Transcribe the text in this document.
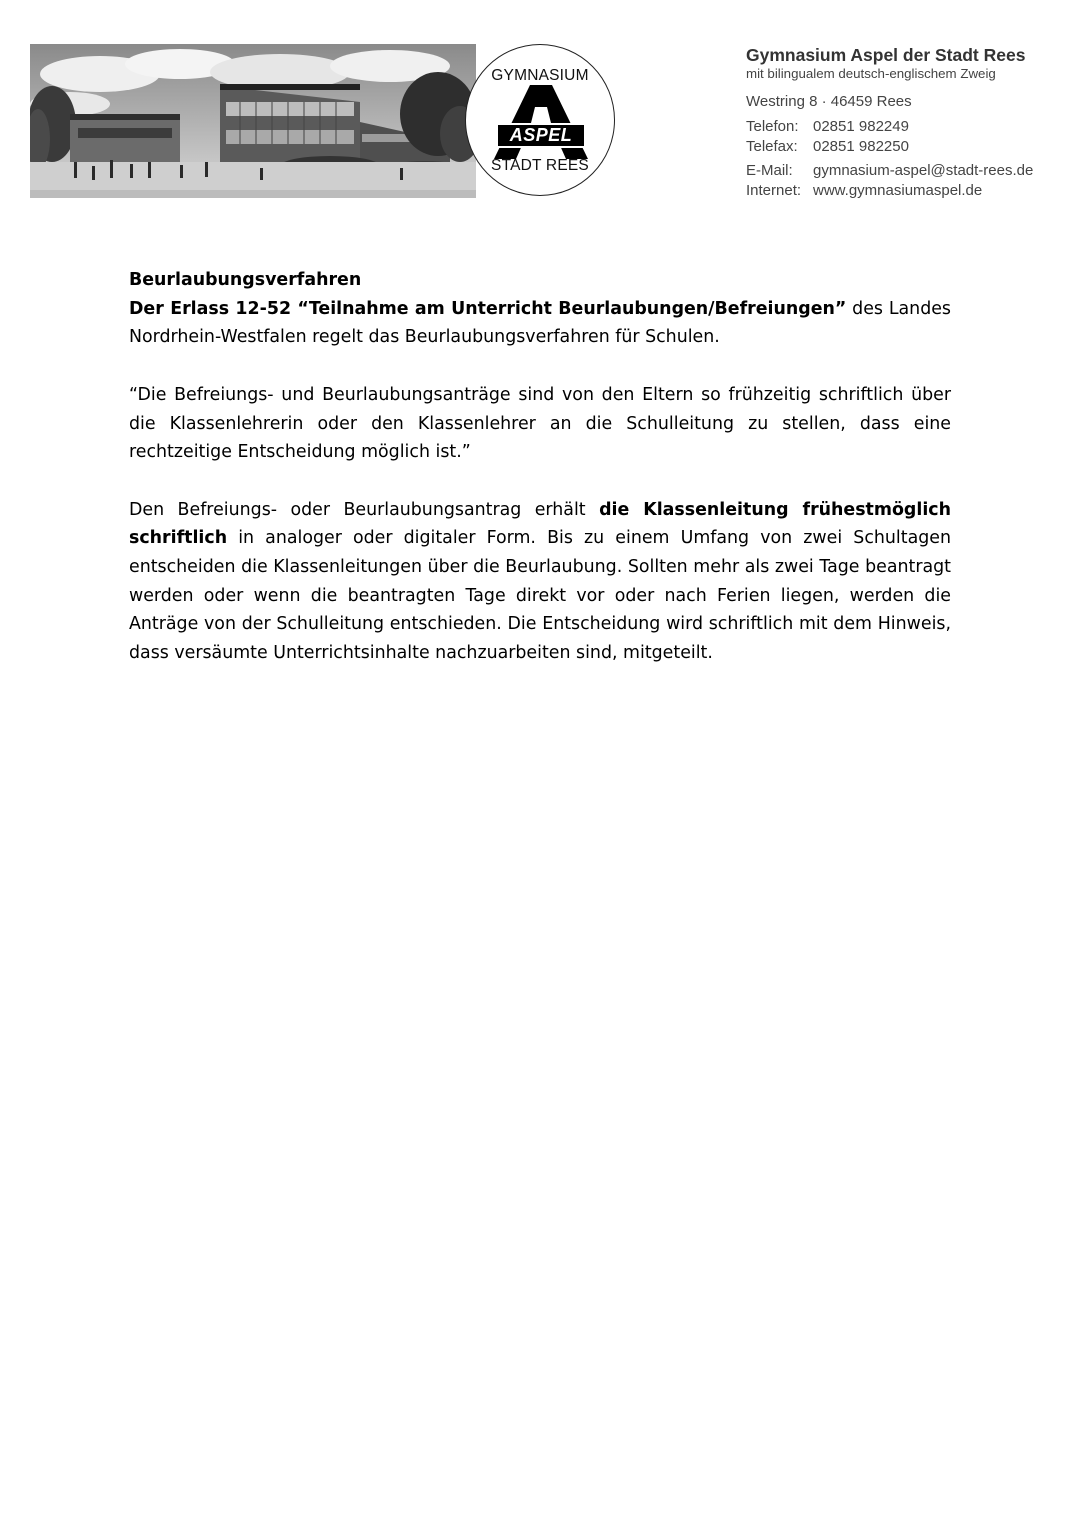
GYMNASIUM
ASPEL
STADT REES
Gymnasium Aspel der Stadt Rees
mit bilingualem deutsch-englischem Zweig
Westring 8 · 46459 Rees
Telefon: 02851 982249
Telefax: 02851 982250
E-Mail: gymnasium-aspel@stadt-rees.de
Internet: www.gymnasiumaspel.de

Beurlaubungsverfahren

Der Erlass 12-52 “Teilnahme am Unterricht Beurlaubungen/Befreiungen” des Landes Nordrhein-Westfalen regelt das Beurlaubungsverfahren für Schulen.

“Die Befreiungs- und Beurlaubungsanträge sind von den Eltern so frühzeitig schriftlich über die Klassenlehrerin oder den Klassenlehrer an die Schulleitung zu stellen, dass eine rechtzeitige Entscheidung möglich ist.”

Den Befreiungs- oder Beurlaubungsantrag erhält die Klassenleitung frühestmöglich schriftlich in analoger oder digitaler Form. Bis zu einem Umfang von zwei Schultagen entscheiden die Klassenleitungen über die Beurlaubung. Sollten mehr als zwei Tage beantragt werden oder wenn die beantragten Tage direkt vor oder nach Ferien liegen, werden die Anträge von der Schulleitung entschieden. Die Entscheidung wird schriftlich mit dem Hinweis, dass versäumte Unterrichtsinhalte nachzuarbeiten sind, mitgeteilt.
